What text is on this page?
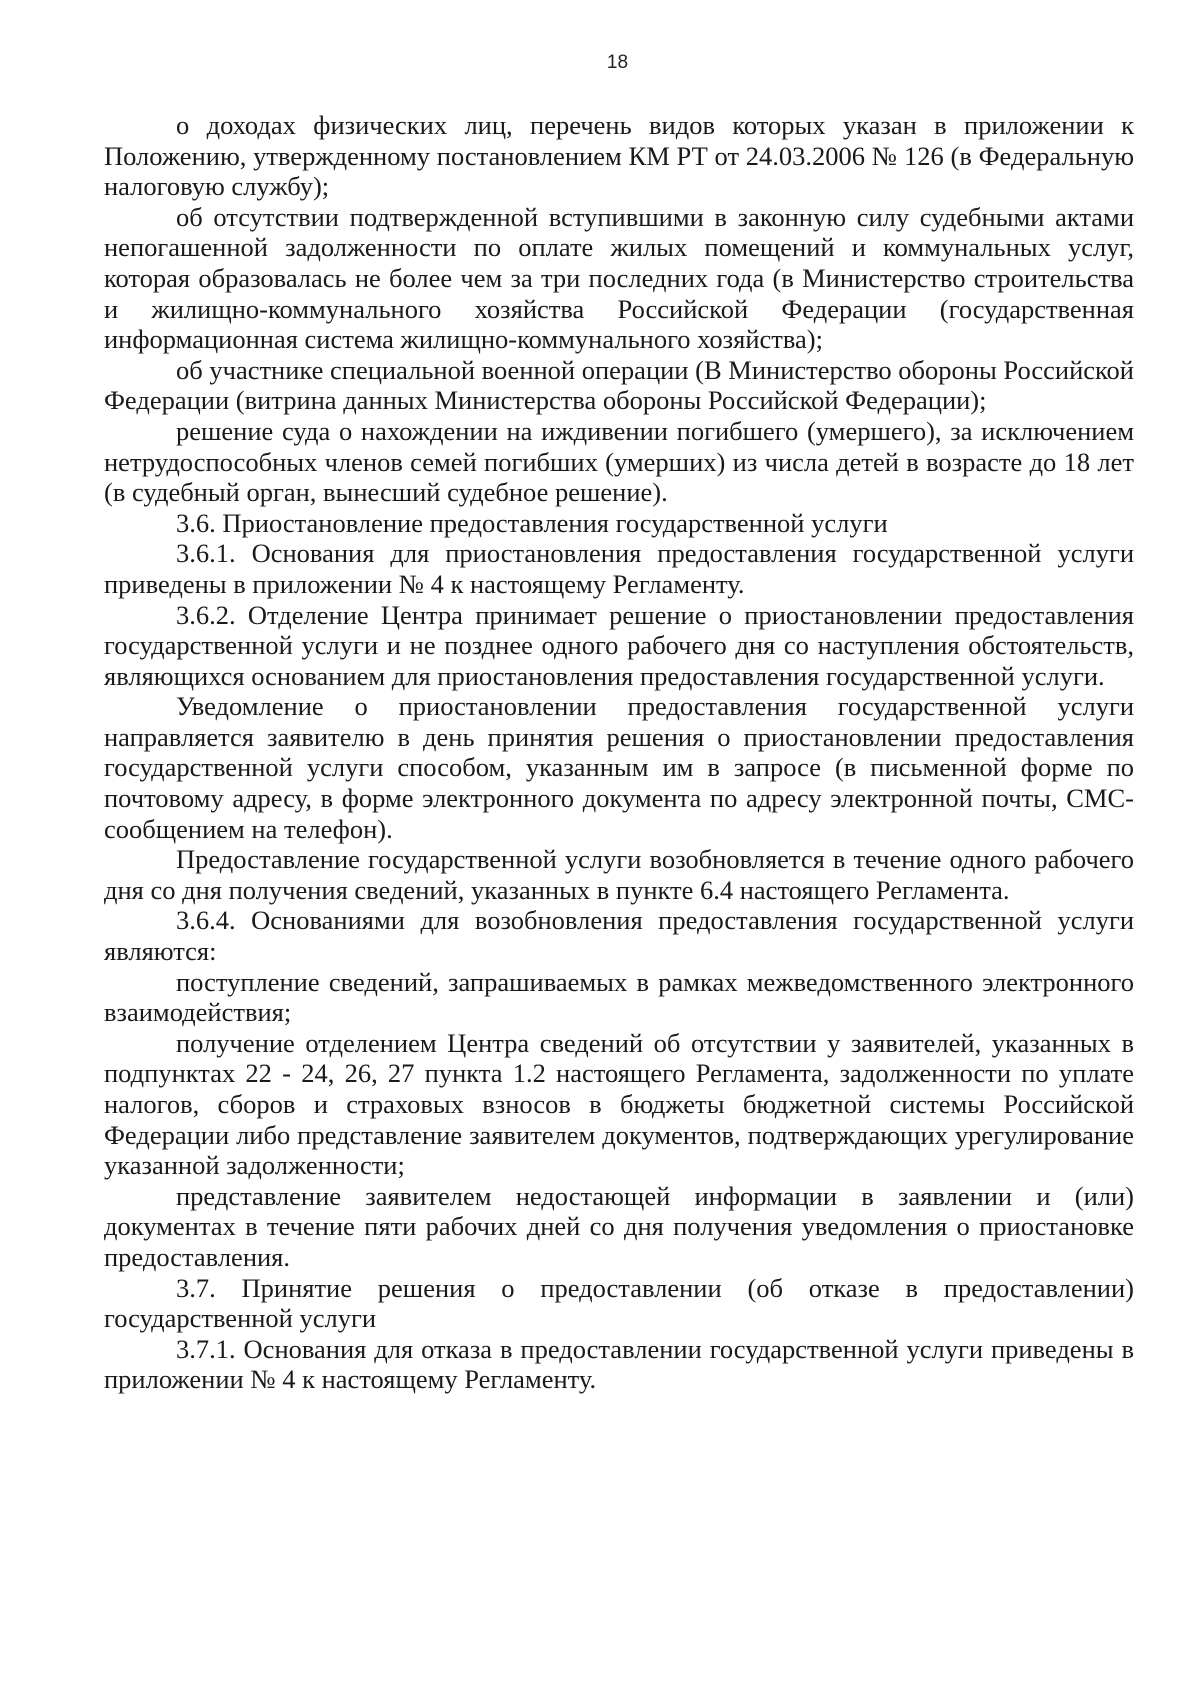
18

о доходах физических лиц, перечень видов которых указан в приложении к Положению, утвержденному постановлением КМ РТ от 24.03.2006 № 126 (в Федеральную налоговую службу);

об отсутствии подтвержденной вступившими в законную силу судебными актами непогашенной задолженности по оплате жилых помещений и коммунальных услуг, которая образовалась не более чем за три последних года (в Министерство строительства и жилищно-коммунального хозяйства Российской Федерации (государственная информационная система жилищно-коммунального хозяйства);

об участнике специальной военной операции (В Министерство обороны Российской Федерации (витрина данных Министерства обороны Российской Федерации);

решение суда о нахождении на иждивении погибшего (умершего), за исключением нетрудоспособных членов семей погибших (умерших) из числа детей в возрасте до 18 лет (в судебный орган, вынесший судебное решение).

3.6. Приостановление предоставления государственной услуги

3.6.1. Основания для приостановления предоставления государственной услуги приведены в приложении № 4 к настоящему Регламенту.

3.6.2. Отделение Центра принимает решение о приостановлении предоставления государственной услуги и не позднее одного рабочего дня со наступления обстоятельств, являющихся основанием для приостановления предоставления государственной услуги.

Уведомление о приостановлении предоставления государственной услуги направляется заявителю в день принятия решения о приостановлении предоставления государственной услуги способом, указанным им в запросе (в письменной форме по почтовому адресу, в форме электронного документа по адресу электронной почты, СМС-сообщением на телефон).

Предоставление государственной услуги возобновляется в течение одного рабочего дня со дня получения сведений, указанных в пункте 6.4 настоящего Регламента.

3.6.4. Основаниями для возобновления предоставления государственной услуги являются:

поступление сведений, запрашиваемых в рамках межведомственного электронного взаимодействия;

получение отделением Центра сведений об отсутствии у заявителей, указанных в подпунктах 22 - 24, 26, 27 пункта 1.2 настоящего Регламента, задолженности по уплате налогов, сборов и страховых взносов в бюджеты бюджетной системы Российской Федерации либо представление заявителем документов, подтверждающих урегулирование указанной задолженности;

представление заявителем недостающей информации в заявлении и (или) документах в течение пяти рабочих дней со дня получения уведомления о приостановке предоставления.

3.7. Принятие решения о предоставлении (об отказе в предоставлении) государственной услуги

3.7.1. Основания для отказа в предоставлении государственной услуги приведены в приложении № 4 к настоящему Регламенту.
